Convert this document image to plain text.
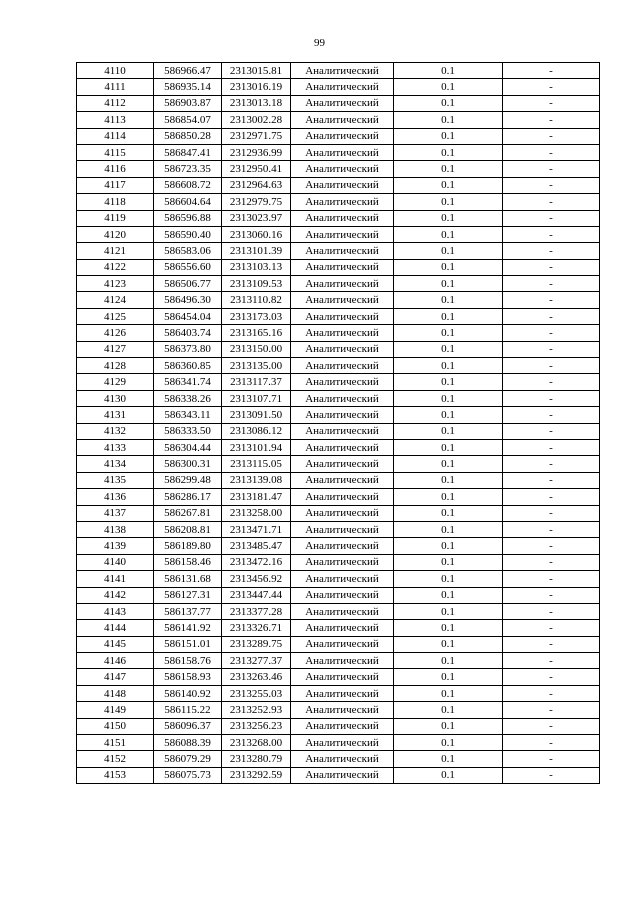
99
4110	586966.47	2313015.81	Аналитический	0.1	-
4111	586935.14	2313016.19	Аналитический	0.1	-
4112	586903.87	2313013.18	Аналитический	0.1	-
4113	586854.07	2313002.28	Аналитический	0.1	-
4114	586850.28	2312971.75	Аналитический	0.1	-
4115	586847.41	2312936.99	Аналитический	0.1	-
4116	586723.35	2312950.41	Аналитический	0.1	-
4117	586608.72	2312964.63	Аналитический	0.1	-
4118	586604.64	2312979.75	Аналитический	0.1	-
4119	586596.88	2313023.97	Аналитический	0.1	-
4120	586590.40	2313060.16	Аналитический	0.1	-
4121	586583.06	2313101.39	Аналитический	0.1	-
4122	586556.60	2313103.13	Аналитический	0.1	-
4123	586506.77	2313109.53	Аналитический	0.1	-
4124	586496.30	2313110.82	Аналитический	0.1	-
4125	586454.04	2313173.03	Аналитический	0.1	-
4126	586403.74	2313165.16	Аналитический	0.1	-
4127	586373.80	2313150.00	Аналитический	0.1	-
4128	586360.85	2313135.00	Аналитический	0.1	-
4129	586341.74	2313117.37	Аналитический	0.1	-
4130	586338.26	2313107.71	Аналитический	0.1	-
4131	586343.11	2313091.50	Аналитический	0.1	-
4132	586333.50	2313086.12	Аналитический	0.1	-
4133	586304.44	2313101.94	Аналитический	0.1	-
4134	586300.31	2313115.05	Аналитический	0.1	-
4135	586299.48	2313139.08	Аналитический	0.1	-
4136	586286.17	2313181.47	Аналитический	0.1	-
4137	586267.81	2313258.00	Аналитический	0.1	-
4138	586208.81	2313471.71	Аналитический	0.1	-
4139	586189.80	2313485.47	Аналитический	0.1	-
4140	586158.46	2313472.16	Аналитический	0.1	-
4141	586131.68	2313456.92	Аналитический	0.1	-
4142	586127.31	2313447.44	Аналитический	0.1	-
4143	586137.77	2313377.28	Аналитический	0.1	-
4144	586141.92	2313326.71	Аналитический	0.1	-
4145	586151.01	2313289.75	Аналитический	0.1	-
4146	586158.76	2313277.37	Аналитический	0.1	-
4147	586158.93	2313263.46	Аналитический	0.1	-
4148	586140.92	2313255.03	Аналитический	0.1	-
4149	586115.22	2313252.93	Аналитический	0.1	-
4150	586096.37	2313256.23	Аналитический	0.1	-
4151	586088.39	2313268.00	Аналитический	0.1	-
4152	586079.29	2313280.79	Аналитический	0.1	-
4153	586075.73	2313292.59	Аналитический	0.1	-
